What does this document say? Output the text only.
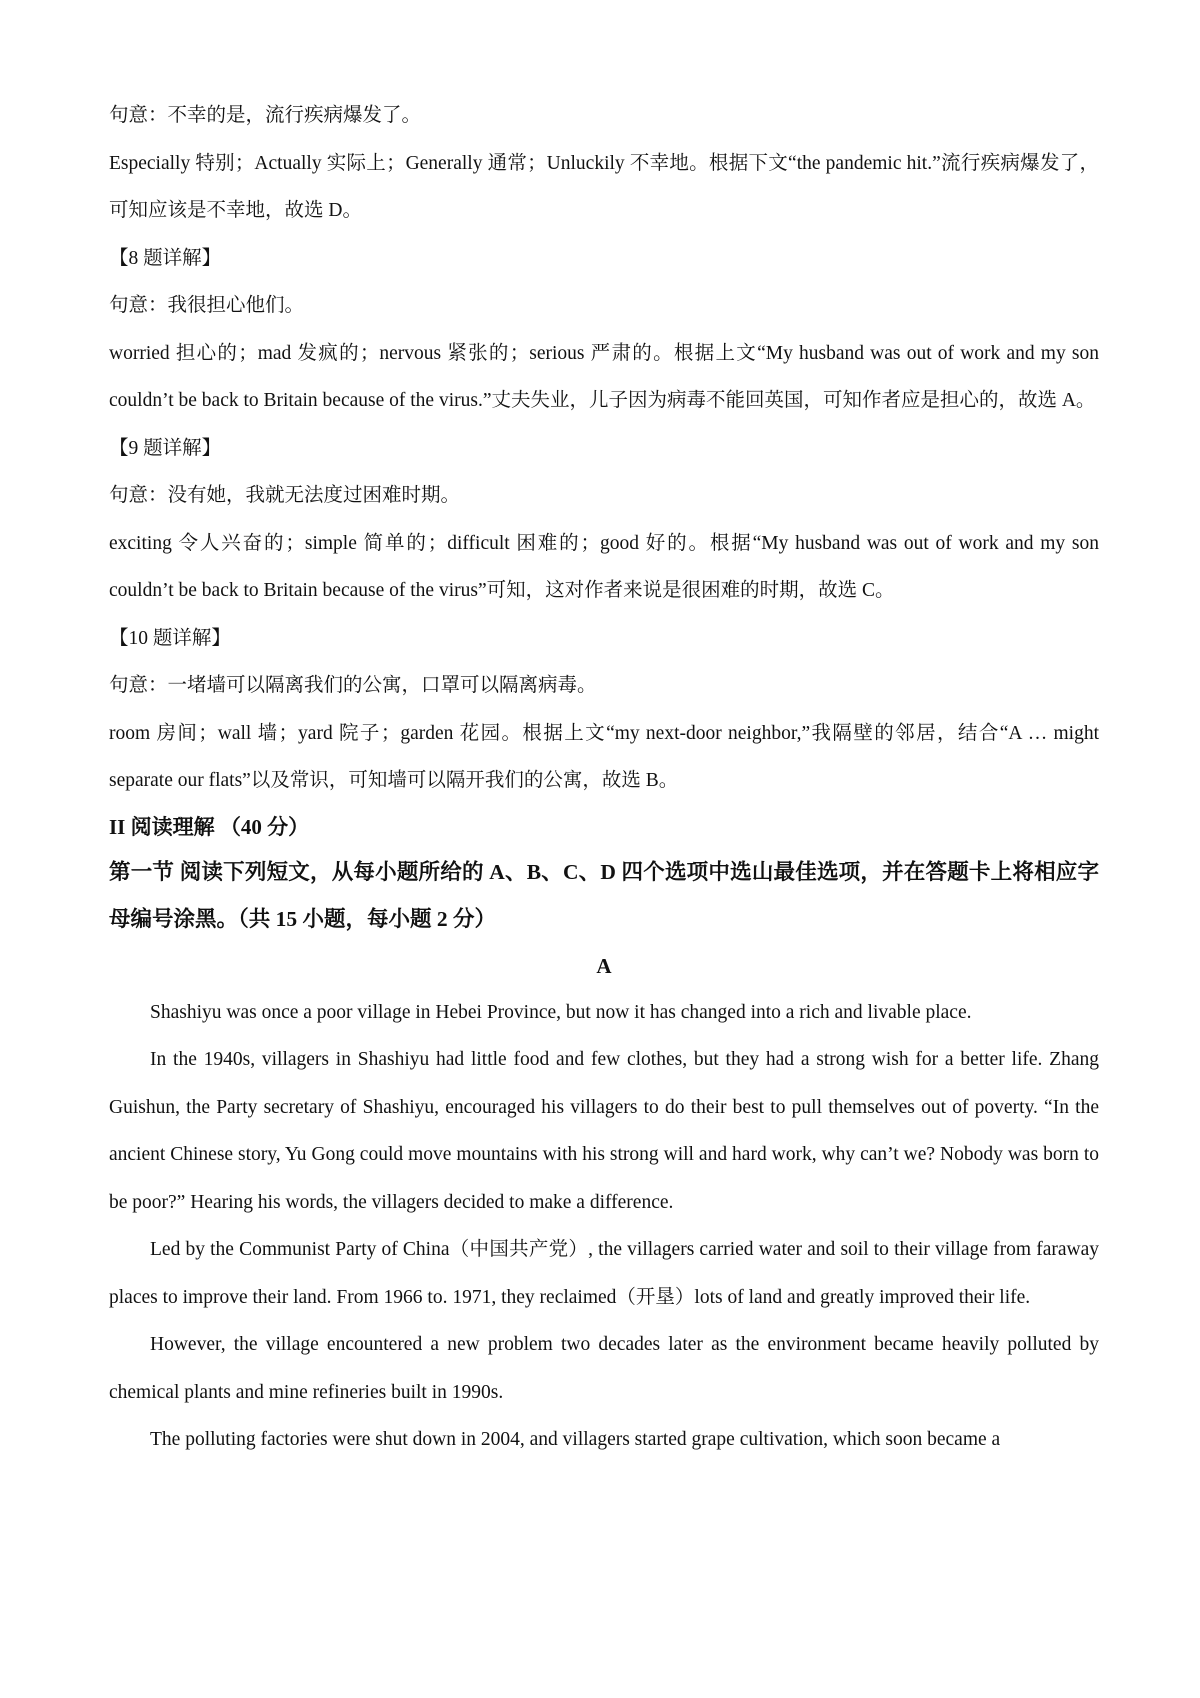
句意：不幸的是，流行疾病爆发了。

Especially 特别；Actually 实际上；Generally 通常；Unluckily 不幸地。根据下文“the pandemic hit.”流行疾病爆发了，可知应该是不幸地，故选 D。

【8 题详解】

句意：我很担心他们。

worried 担心的；mad 发疯的；nervous 紧张的；serious 严肃的。根据上文“My husband was out of work and my son couldn’t be back to Britain because of the virus.”丈夫失业，儿子因为病毒不能回英国，可知作者应是担心的，故选 A。

【9 题详解】

句意：没有她，我就无法度过困难时期。

exciting 令人兴奋的；simple 简单的；difficult 困难的；good 好的。根据“My husband was out of work and my son couldn’t be back to Britain because of the virus”可知，这对作者来说是很困难的时期，故选 C。

【10 题详解】

句意：一堵墙可以隔离我们的公寓，口罩可以隔离病毒。

room 房间；wall 墙；yard 院子；garden 花园。根据上文“my next-door neighbor,”我隔壁的邻居，结合“A … might separate our flats”以及常识，可知墙可以隔开我们的公寓，故选 B。

II 阅读理解 （40 分）

第一节 阅读下列短文，从每小题所给的 A、B、C、D 四个选项中选山最佳选项，并在答题卡上将相应字母编号涂黑。（共 15 小题，每小题 2 分）

A

Shashiyu was once a poor village in Hebei Province, but now it has changed into a rich and livable place.

In the 1940s, villagers in Shashiyu had little food and few clothes, but they had a strong wish for a better life. Zhang Guishun, the Party secretary of Shashiyu, encouraged his villagers to do their best to pull themselves out of poverty. “In the ancient Chinese story, Yu Gong could move mountains with his strong will and hard work, why can’t we? Nobody was born to be poor?” Hearing his words, the villagers decided to make a difference.

Led by the Communist Party of China（中国共产党）, the villagers carried water and soil to their village from faraway places to improve their land. From 1966 to. 1971, they reclaimed（开垦）lots of land and greatly improved their life.

However, the village encountered a new problem two decades later as the environment became heavily polluted by chemical plants and mine refineries built in 1990s.

The polluting factories were shut down in 2004, and villagers started grape cultivation, which soon became a
